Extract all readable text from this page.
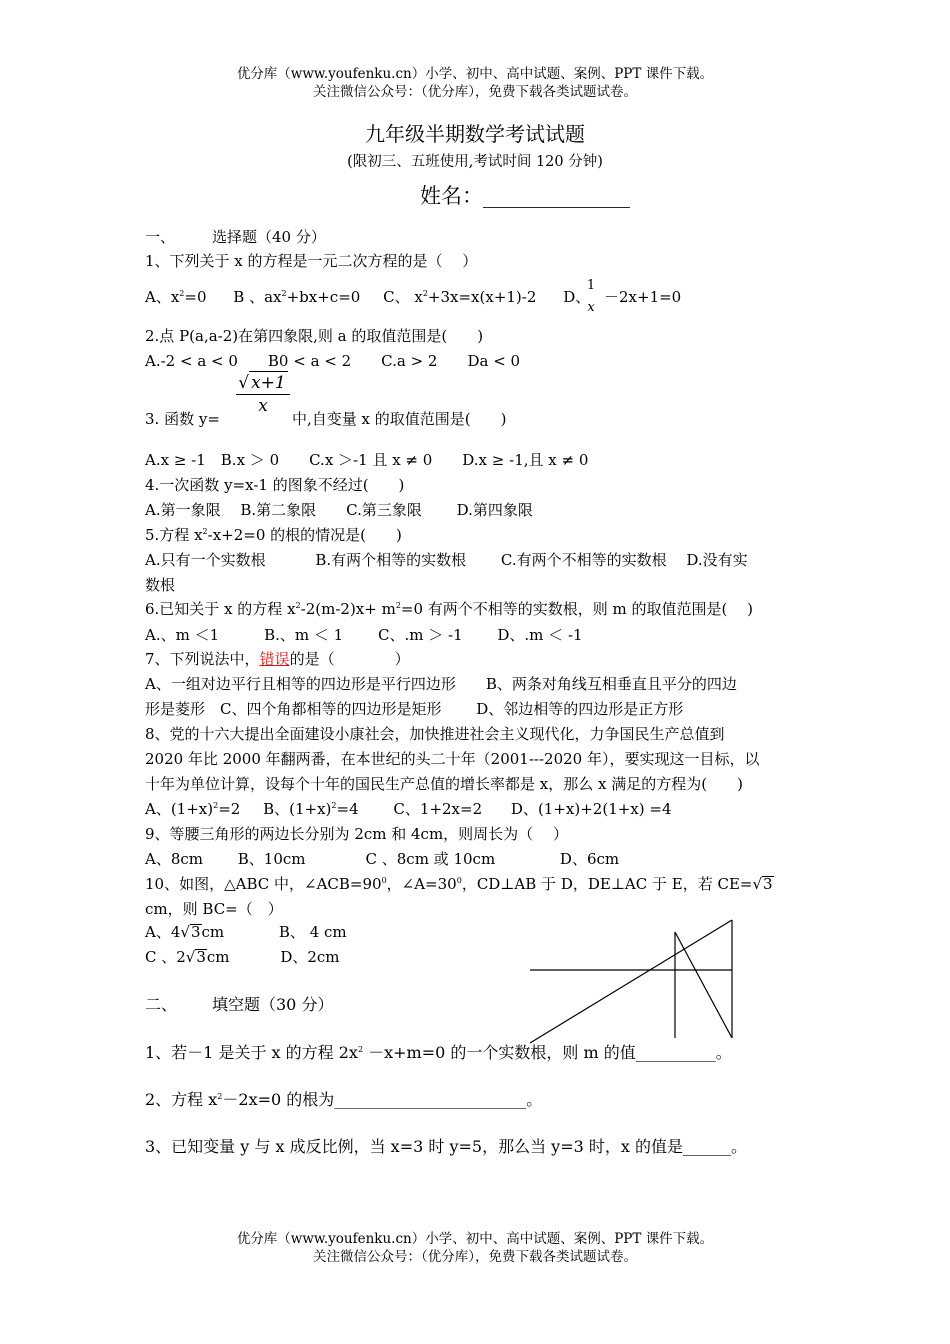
优分库（www.youfenku.cn）小学、初中、高中试题、案例、PPT 课件下载。
关注微信公众号：（优分库），免费下载各类试题试卷。
九年级半期数学考试试题
(限初三、五班使用,考试时间 120 分钟)
姓名：______________
一、 选择题（40 分）
1、下列关于 x 的方程是一元二次方程的是（　 ）
A、$x^2=0$ B 、$ax^2+bx+c=0$ C、 $x^2+3x=x(x+1)-2$ D、
1
x
－2x+1=0
2.点 P(a,a-2)在第四象限,则 a 的取值范围是(　　)
A.-2 < a < 0　　B0 < a < 2　　C.a > 2　　Da < 0
√ x+1
x
3. 函数 y=	中,自变量 x 的取值范围是(　　)
A.x ≥ -1　B.x ＞ 0　　C.x ＞-1 且 x ≠ 0　　D.x ≥ -1,且 x ≠ 0
4.一次函数 y=x-1 的图象不经过(　　)
A.第一象限　 B.第二象限　　C.第三象限　　 D.第四象限
5.方程 $x^2-x+2=0$ 的根的情况是(　　)
A.只有一个实数根　　　 B.有两个相等的实数根　　 C.有两个不相等的实数根　 D.没有实
数根
6.已知关于 x 的方程 $x^2-2(m-2)x+ m^2=0$ 有两个不相等的实数根，则 m 的取值范围是(　 )
A.、m ＜1　　　B.、m ＜ 1　　 C、.m ＞ -1　　 D、.m ＜ -1
7、下列说法中，错误的是（　　　　）
A、一组对边平行且相等的四边形是平行四边形　　B、两条对角线互相垂直且平分的四边
形是菱形　C、四个角都相等的四边形是矩形　　 D、邻边相等的四边形是正方形
8、党的十六大提出全面建设小康社会，加快推进社会主义现代化，力争国民生产总值到
2020 年比 2000 年翻两番，在本世纪的头二十年（2001---2020 年），要实现这一目标，以
十年为单位计算，设每个十年的国民生产总值的增长率都是 x，那么 x 满足的方程为(　　)
A、$(1+x)^2=2$ B、$(1+x)^2=4$ C、1+2x=2 D、(1+x)+2(1+x) =4
9、等腰三角形的两边长分别为 2cm 和 4cm，则周长为（　 ）
A、8cm　　 B、10cm　　　　C 、8cm 或 10cm　　　　 D、6cm
10、如图，△ABC 中，$\angle ACB=90^0$，$\angle A=30^0$，CD⊥AB 于 D，DE⊥AC 于 E，若 CE=√3
cm，则 BC=（　）
A、4√3cm	B、 4 cm
C 、2√3cm	D、2cm
二、 填空题（30 分）
1、若－1 是关于 x 的方程 $2x^2 -x+m=0$ 的一个实数根，则 m 的值__________。
2、方程 $x^2-2x=0$ 的根为________________________。
3、已知变量 y 与 x 成反比例，当 x=3 时 y=5，那么当 y=3 时，x 的值是______。
优分库（www.youfenku.cn）小学、初中、高中试题、案例、PPT 课件下载。
关注微信公众号：（优分库），免费下载各类试题试卷。
